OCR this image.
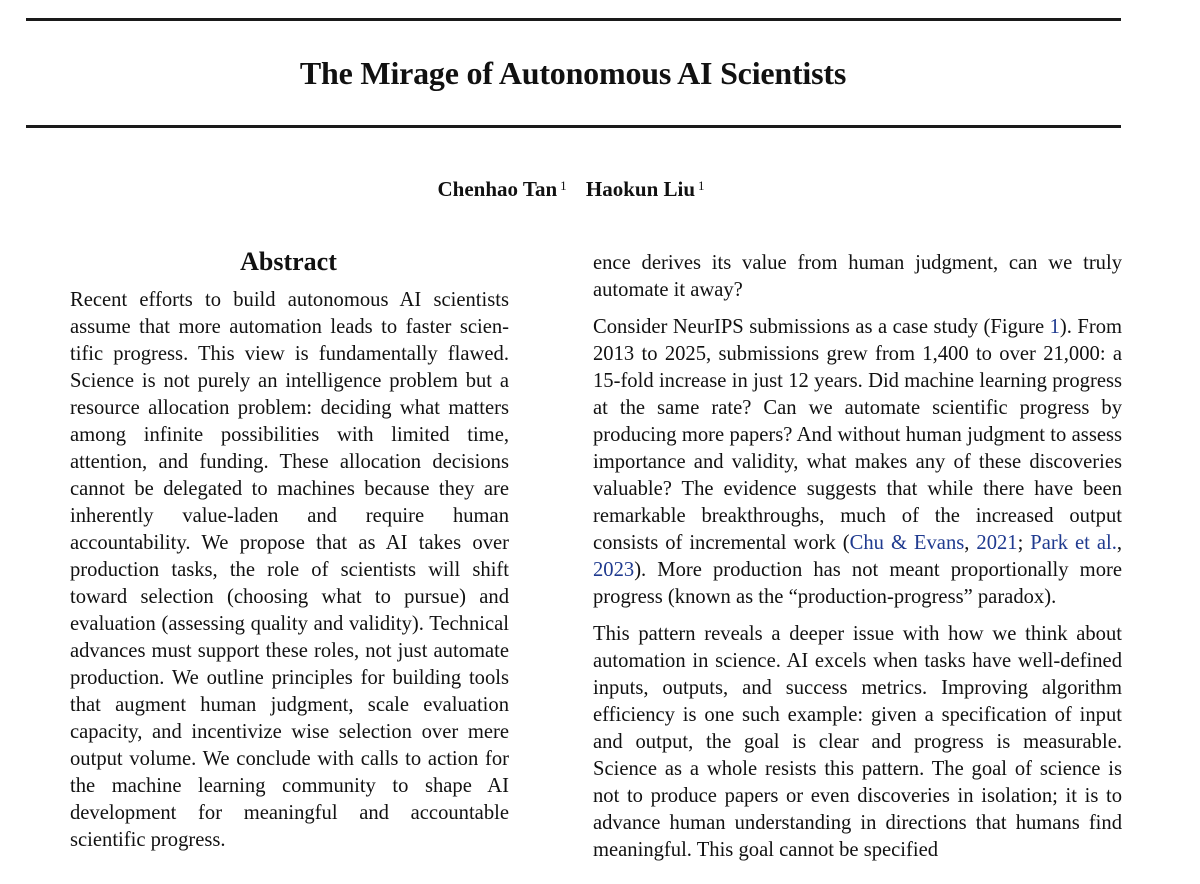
The Mirage of Autonomous AI Scientists
Chenhao Tan $^1$ Haokun Liu $^1$
Abstract

Recent efforts to build autonomous AI scientists assume that more automation leads to faster scientific progress. This view is fundamentally flawed. Science is not purely an intelligence problem but a resource allocation problem: deciding what matters among infinite possibilities with limited time, attention, and funding. These allocation decisions cannot be delegated to machines because they are inherently value-laden and require human accountability. We propose that as AI takes over production tasks, the role of scientists will shift toward selection (choosing what to pursue) and evaluation (assessing quality and validity). Technical advances must support these roles, not just automate production. We outline principles for building tools that augment human judgment, scale evaluation capacity, and incentivize wise selection over mere output volume. We conclude with calls to action for the machine learning community to shape AI development for meaningful and accountable scientific progress.

ence derives its value from human judgment, can we truly automate it away?

Consider NeurIPS submissions as a case study (Figure 1). From 2013 to 2025, submissions grew from 1,400 to over 21,000: a 15-fold increase in just 12 years. Did machine learning progress at the same rate? Can we automate scientific progress by producing more papers? And without human judgment to assess importance and validity, what makes any of these discoveries valuable? The evidence suggests that while there have been remarkable breakthroughs, much of the increased output consists of incremental work (Chu & Evans, 2021; Park et al., 2023). More production has not meant proportionally more progress (known as the “production-progress” paradox).

This pattern reveals a deeper issue with how we think about automation in science. AI excels when tasks have well-defined inputs, outputs, and success metrics. Improving algorithm efficiency is one such example: given a specification of input and output, the goal is clear and progress is measurable. Science as a whole resists this pattern. The goal of science is not to produce papers or even discoveries in isolation; it is to advance human understanding in directions that humans find meaningful. This goal cannot be specified
